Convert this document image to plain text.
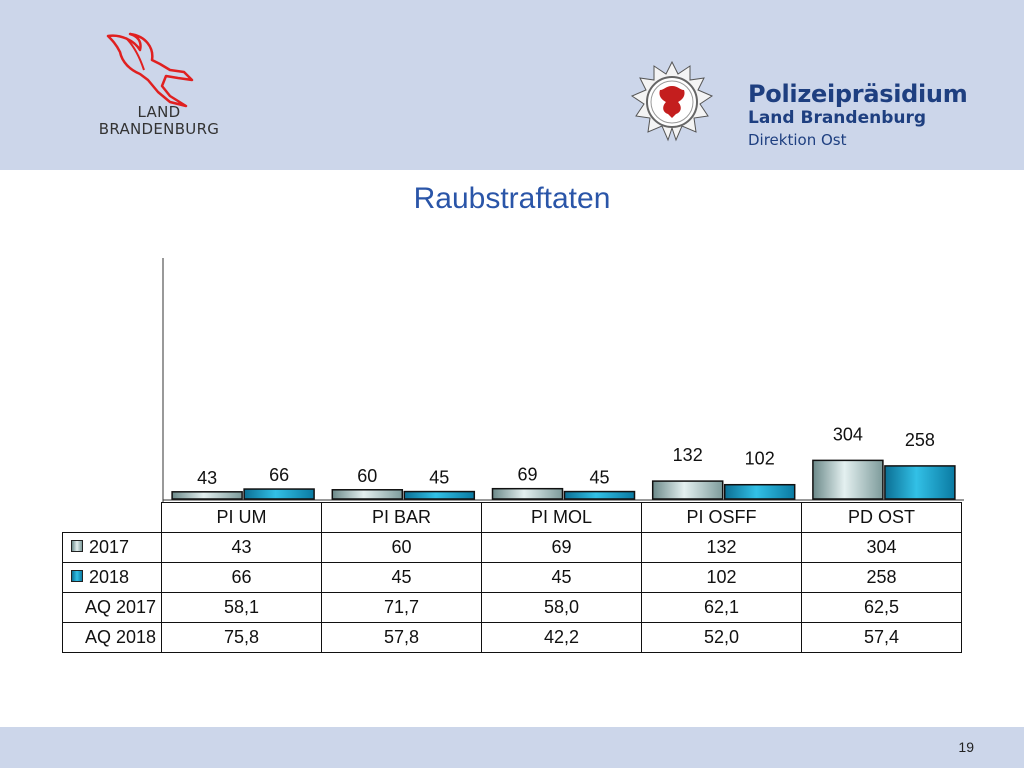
LAND
BRANDENBURG
Polizeipräsidium
Land Brandenburg
Direktion Ost
Raubstraftaten
43	66	60	45	69	45
132 102
304 258
	PI UM	PI BAR	PI MOL	PI OSFF	PD OST
2017	43	60	69	132	304
2018	66	45	45	102	258
AQ 2017	58,1	71,7	58,0	62,1	62,5
AQ 2018	75,8	57,8	42,2	52,0	57,4
19
